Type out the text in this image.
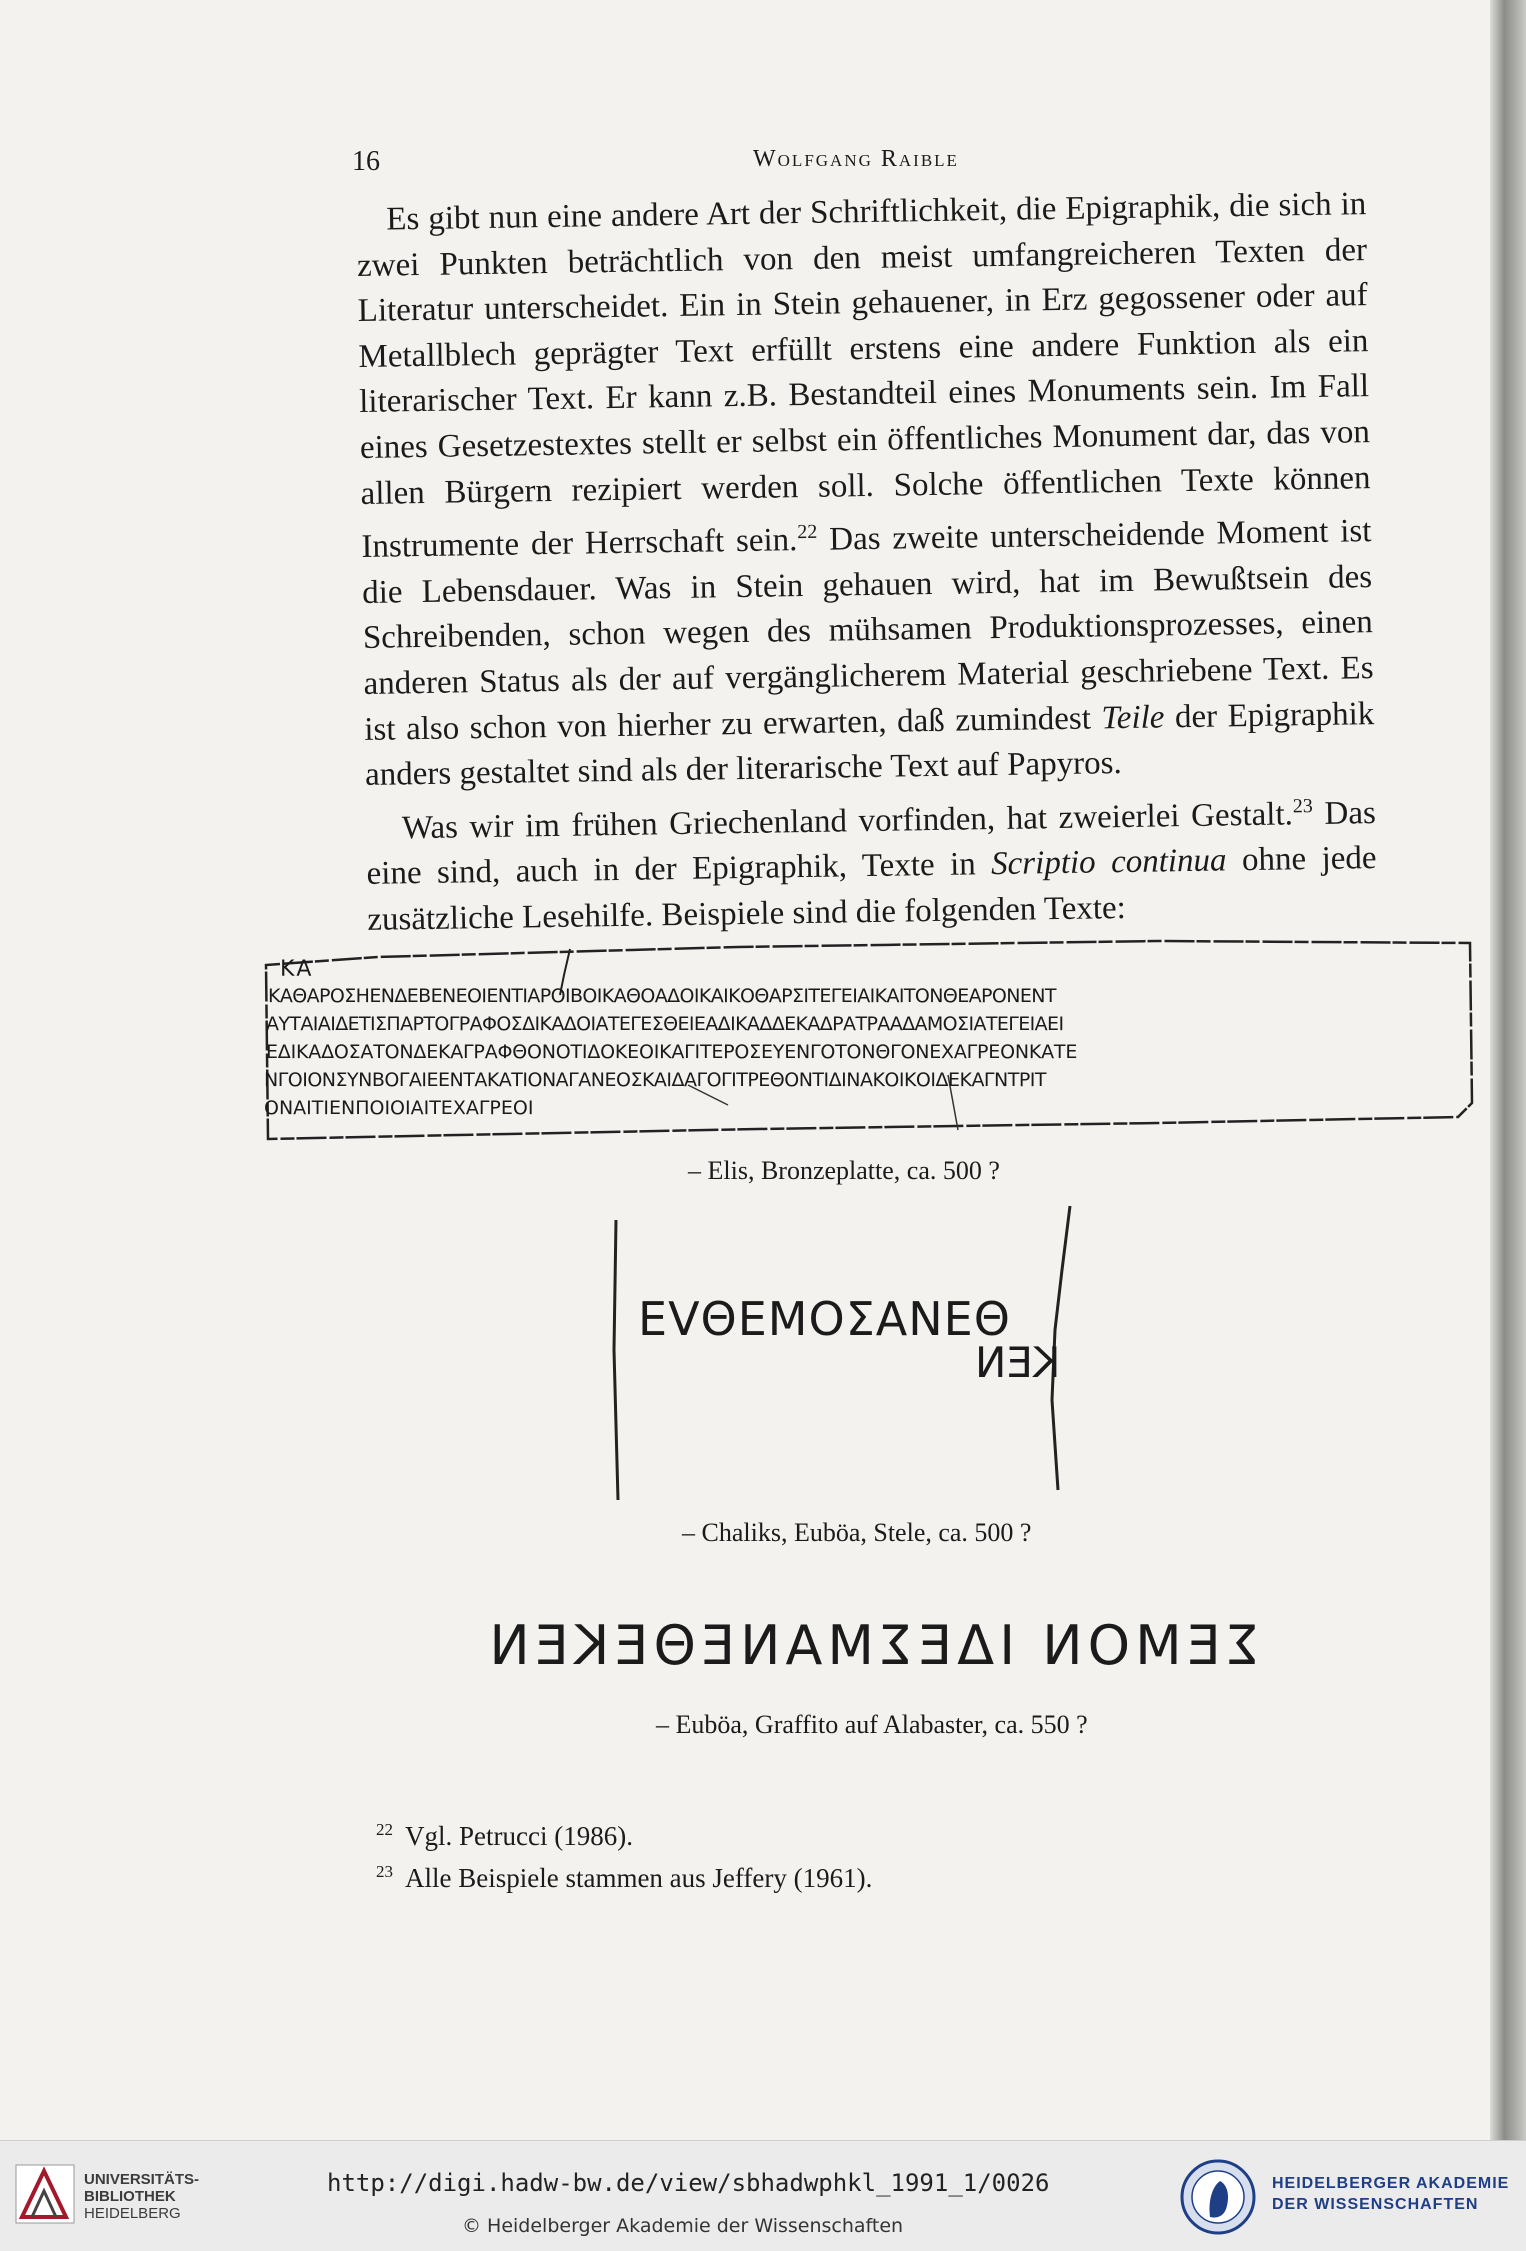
16	Wolfgang Raible

Es gibt nun eine andere Art der Schriftlichkeit, die Epigraphik, die sich in zwei Punkten beträchtlich von den meist umfangreicheren Texten der Literatur unterscheidet. Ein in Stein gehauener, in Erz gegossener oder auf Metallblech geprägter Text erfüllt erstens eine andere Funktion als ein literarischer Text. Er kann z.B. Bestandteil eines Monuments sein. Im Fall eines Gesetzestextes stellt er selbst ein öffentliches Monument dar, das von allen Bürgern rezipiert werden soll. Solche öffentlichen Texte können Instrumente der Herrschaft sein.$^{22}$ Das zweite unterscheidende Moment ist die Lebensdauer. Was in Stein gehauen wird, hat im Bewußtsein des Schreibenden, schon wegen des mühsamen Produktionsprozesses, einen anderen Status als der auf vergänglicherem Material geschriebene Text. Es ist also schon von hierher zu erwarten, daß zumindest Teile der Epigraphik anders gestaltet sind als der literarische Text auf Papyros.

Was wir im frühen Griechenland vorfinden, hat zweierlei Gestalt.$^{23}$ Das eine sind, auch in der Epigraphik, Texte in Scriptio continua ohne jede zusätzliche Lesehilfe. Beispiele sind die folgenden Texte:

ΚΑ
ΚΑΘΑΡΟΣΗΕΝΔΕΒΕΝΕΟΙΕΝΤΙΑΡΟΙΒΟΙΚΑΘΟΑΔΟΙΚΑΙΚΟΘΑΡΣΙΤΕΓΕΙΑΙΚΑΙΤΟΝΘΕΑΡΟΝΕΝΤ
ΑΥΤΑΙΑΙΔΕΤΙΣΠΑΡΤΟΓΡΑΦΟΣΔΙΚΑΔΟΙΑΤΕΓΕΣΘΕΙΕΑΔΙΚΑΔΔΕΚΑΔΡΑΤΡΑΑΔΑΜΟΣΙΑΤΕΓΕΙΑΕΙ
ΕΔΙΚΑΔΟΣΑΤΟΝΔΕΚΑΓΡΑΦΘΟΝΟΤΙΔΟΚΕΟΙΚΑΓΙΤΕΡΟΣΕΥΕΝΓΟΤΟΝΘΓΟΝΕΧΑΓΡΕΟΝΚΑΤΕ
ΝΓΟΙΟΝΣΥΝΒΟΓΑΙΕΕΝΤΑΚΑΤΙΟΝΑΓΑΝΕΟΣΚΑΙΔΑΓΟΓΙΤΡΕΘΟΝΤΙΔΙΝΑΚΟΙΚΟΙΔΕΚΑΓΝΤΡΙΤ
ΟΝΑΙΤΙΕΝΠΟΙΟΙΑΙΤΕΧΑΓΡΕΟΙ
– Elis, Bronzeplatte, ca. 500 ?
ΕVΘΕΜΟΣΑΝΕΘ
ΚΕΝ
– Chaliks, Euböa, Stele, ca. 500 ?
ΣΕΜΟΝ ΙΔΕΣΜΑΝΕΘΕΚΕΝ
– Euböa, Graffito auf Alabaster, ca. 550 ?
$^{22}$ Vgl. Petrucci (1986).
$^{23}$ Alle Beispiele stammen aus Jeffery (1961).
UNIVERSITÄTS-
BIBLIOTHEK
HEIDELBERG
http://digi.hadw-bw.de/view/sbhadwphkl_1991_1/0026
© Heidelberger Akademie der Wissenschaften
HEIDELBERGER AKADEMIE
DER WISSENSCHAFTEN
